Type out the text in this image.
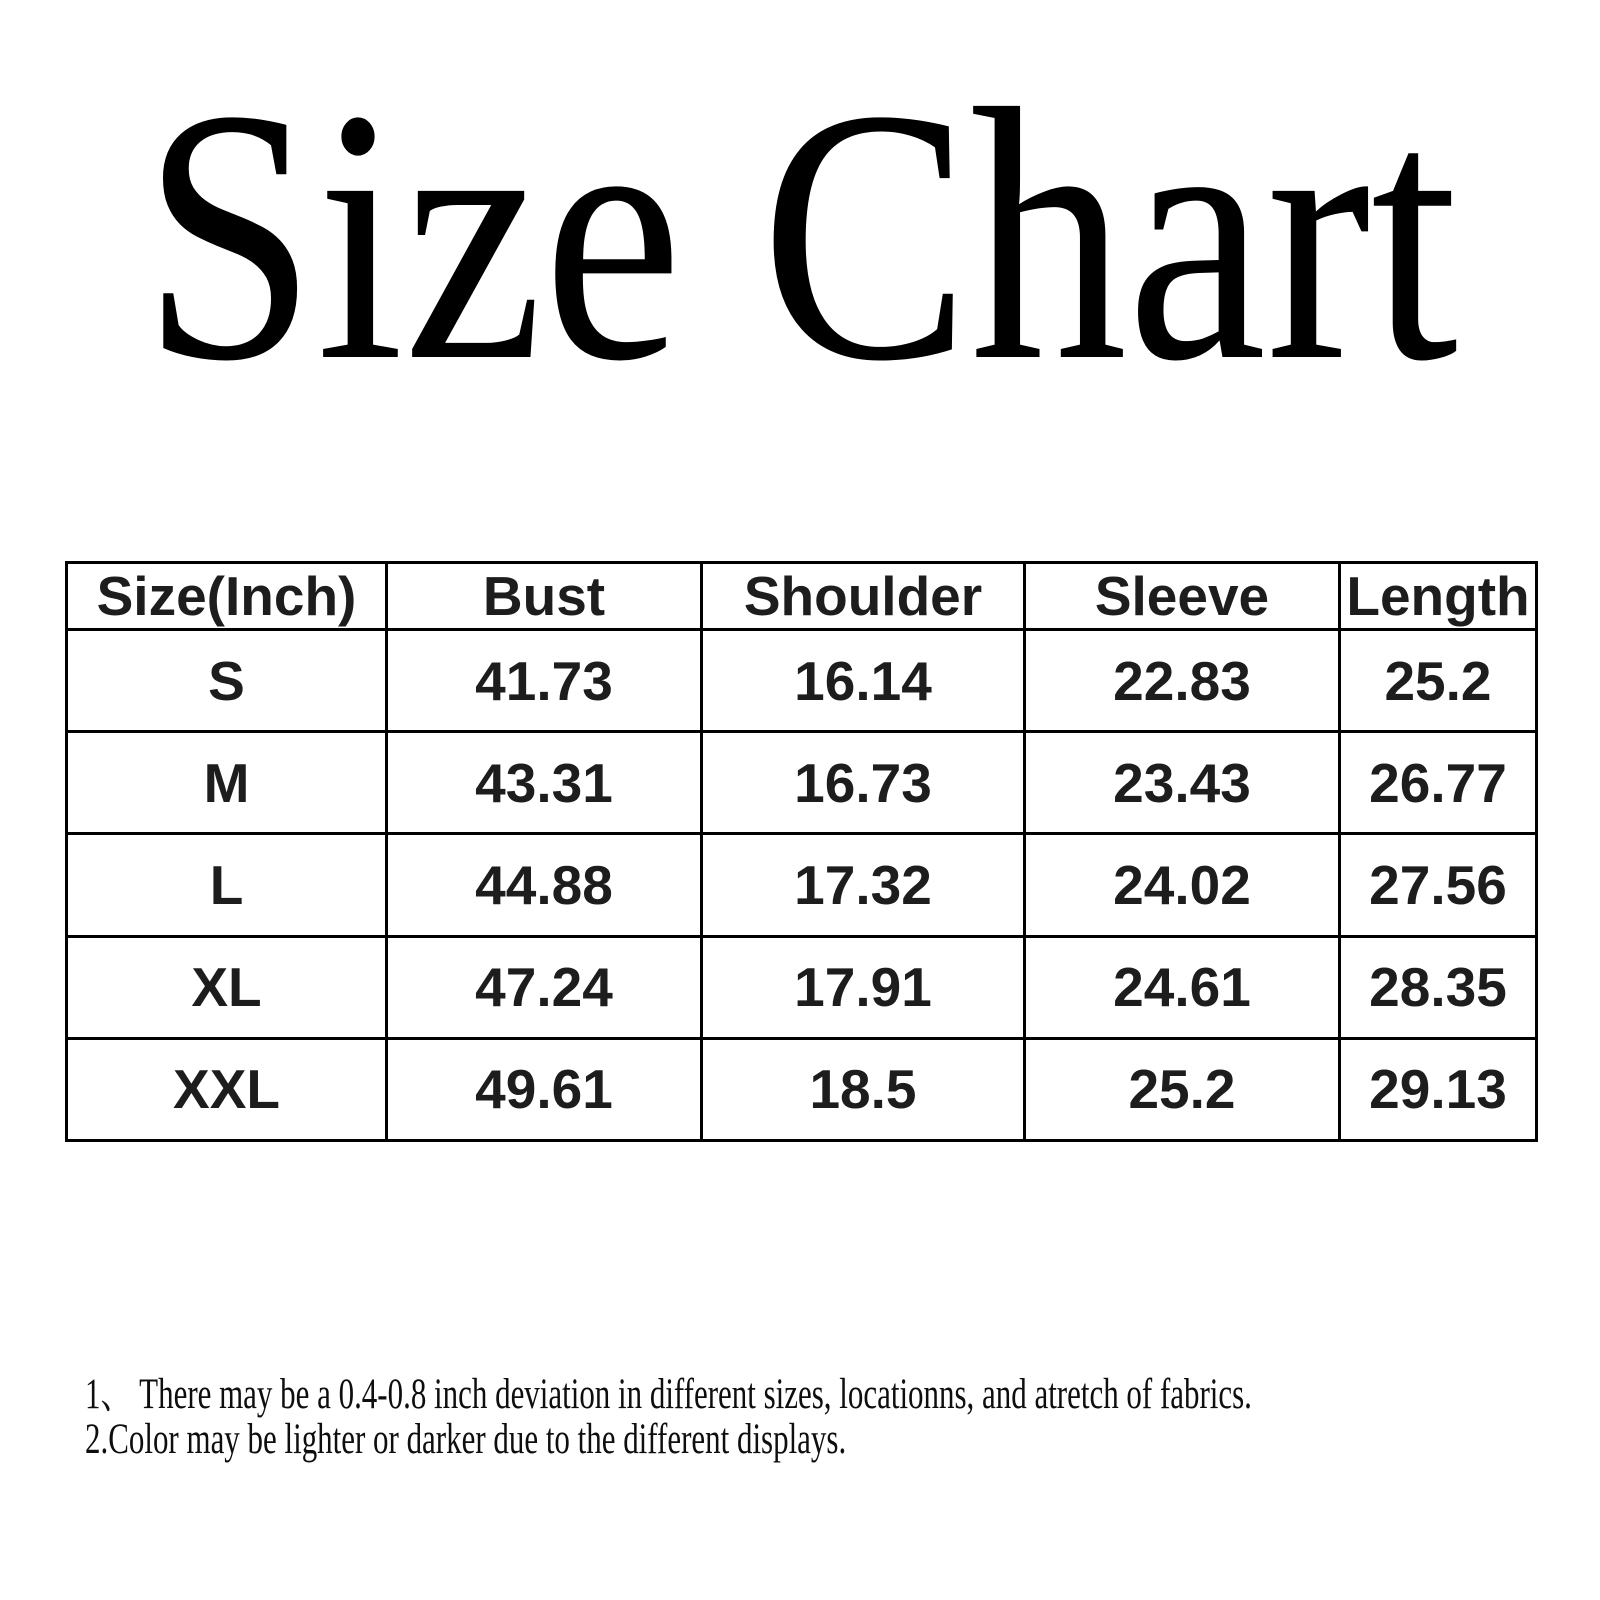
Size Chart
Size(Inch)	Bust	Shoulder	Sleeve	Length
S	41.73	16.14	22.83	25.2
M	43.31	16.73	23.43	26.77
L	44.88	17.32	24.02	27.56
XL	47.24	17.91	24.61	28.35
XXL	49.61	18.5	25.2	29.13
1、 There may be a 0.4-0.8 inch deviation in different sizes, locationns, and atretch of fabrics.
2.Color may be lighter or darker due to the different displays.
